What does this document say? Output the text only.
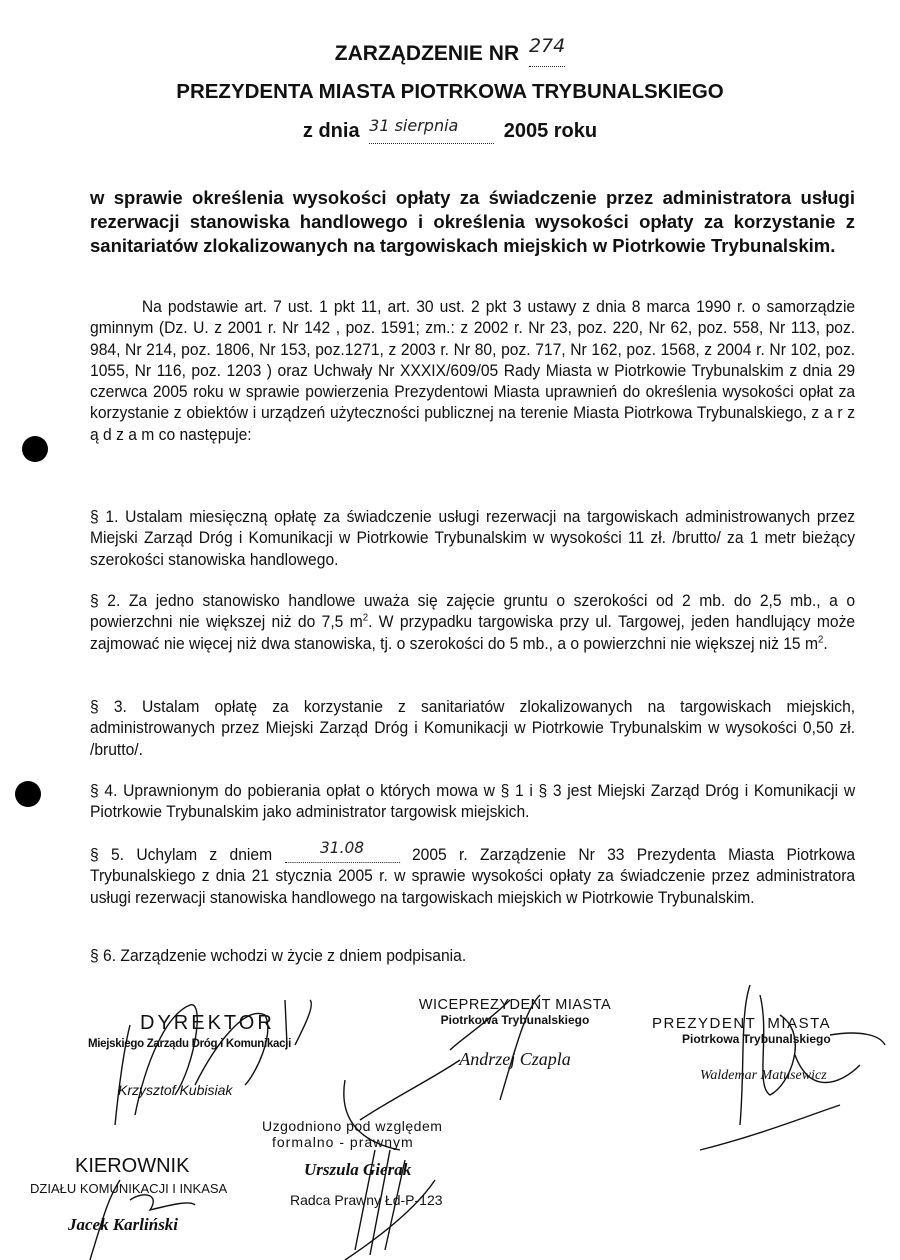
ZARZĄDZENIE NR 274
PREZYDENTA MIASTA PIOTRKOWA TRYBUNALSKIEGO
z dnia $^{31 sierpnia}$ 2005 roku
w sprawie określenia wysokości opłaty za świadczenie przez administratora usługi rezerwacji stanowiska handlowego i określenia wysokości opłaty za korzystanie z sanitariatów zlokalizowanych na targowiskach miejskich w Piotrkowie Trybunalskim.
Na podstawie art. 7 ust. 1 pkt 11, art. 30 ust. 2 pkt 3 ustawy z dnia 8 marca 1990 r. o samorządzie gminnym (Dz. U. z 2001 r. Nr 142 , poz. 1591; zm.: z 2002 r. Nr 23, poz. 220, Nr 62, poz. 558, Nr 113, poz. 984, Nr 214, poz. 1806, Nr 153, poz.1271, z 2003 r. Nr 80, poz. 717, Nr 162, poz. 1568, z 2004 r. Nr 102, poz. 1055, Nr 116, poz. 1203 ) oraz Uchwały Nr XXXIX/609/05 Rady Miasta w Piotrkowie Trybunalskim z dnia 29 czerwca 2005 roku w sprawie powierzenia Prezydentowi Miasta uprawnień do określenia wysokości opłat za korzystanie z obiektów i urządzeń użyteczności publicznej na terenie Miasta Piotrkowa Trybunalskiego, z a r z ą d z a m co następuje:
§ 1. Ustalam miesięczną opłatę za świadczenie usługi rezerwacji na targowiskach administrowanych przez Miejski Zarząd Dróg i Komunikacji w Piotrkowie Trybunalskim w wysokości 11 zł. /brutto/ za 1 metr bieżący szerokości stanowiska handlowego.
§ 2. Za jedno stanowisko handlowe uważa się zajęcie gruntu o szerokości od 2 mb. do 2,5 mb., a o powierzchni nie większej niż do 7,5 $m^2$. W przypadku targowiska przy ul. Targowej, jeden handlujący może zajmować nie więcej niż dwa stanowiska, tj. o szerokości do 5 mb., a o powierzchni nie większej niż 15 $m^2$.
§ 3. Ustalam opłatę za korzystanie z sanitariatów zlokalizowanych na targowiskach miejskich, administrowanych przez Miejski Zarząd Dróg i Komunikacji w Piotrkowie Trybunalskim w wysokości 0,50 zł. /brutto/.
§ 4. Uprawnionym do pobierania opłat o których mowa w § 1 i § 3 jest Miejski Zarząd Dróg i Komunikacji w Piotrkowie Trybunalskim jako administrator targowisk miejskich.
§ 5. Uchylam z dniem	31.08	2005 r. Zarządzenie Nr 33 Prezydenta Miasta Piotrkowa Trybunalskiego z dnia 21 stycznia 2005 r. w sprawie wysokości opłaty za świadczenie przez administratora usługi rezerwacji stanowiska handlowego na targowiskach miejskich w Piotrkowie Trybunalskim.
§ 6. Zarządzenie wchodzi w życie z dniem podpisania.
DYREKTOR
Miejskiego Zarządu Dróg i Komunikacji
Krzysztof Kubisiak
WICEPREZYDENT MIASTA
Piotrkowa Trybunalskiego
Andrzej Czapla
PREZYDENT  MIASTA
Piotrkowa Trybunalskiego
Waldemar Matusewicz
Uzgodniono pod względem
formalno - prawnym
Urszula Gierak
Radca Prawny Łd-P-123
KIEROWNIK
DZIAŁU KOMUNIKACJI I INKASA
Jacek Karliński
